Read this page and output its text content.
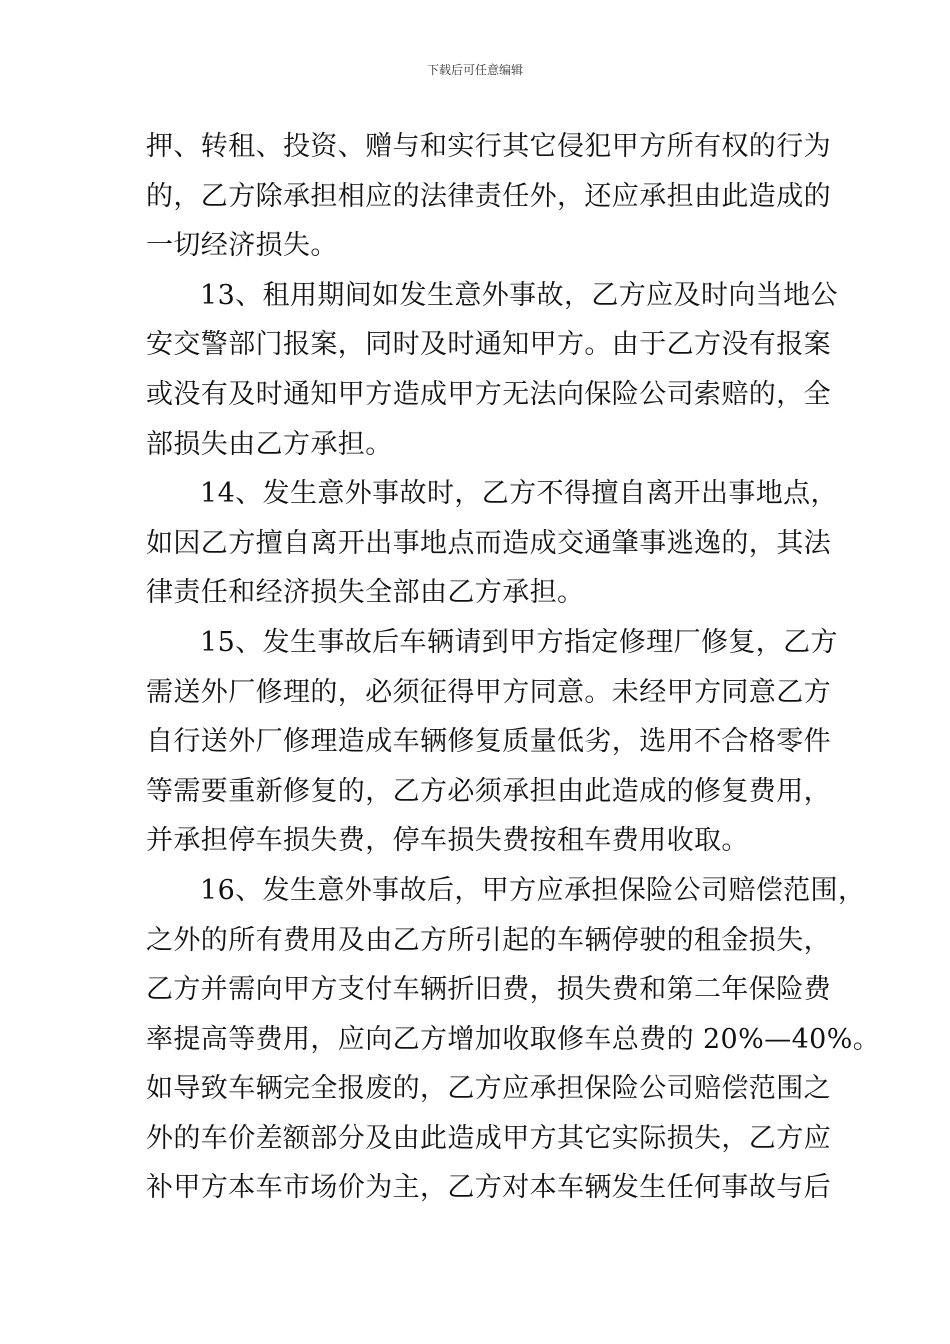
下载后可任意编辑
押、转租、投资、赠与和实行其它侵犯甲方所有权的行为
的，乙方除承担相应的法律责任外，还应承担由此造成的
一切经济损失。
13、租用期间如发生意外事故，乙方应及时向当地公
安交警部门报案，同时及时通知甲方。由于乙方没有报案
或没有及时通知甲方造成甲方无法向保险公司索赔的，全
部损失由乙方承担。
14、发生意外事故时，乙方不得擅自离开出事地点，
如因乙方擅自离开出事地点而造成交通肇事逃逸的，其法
律责任和经济损失全部由乙方承担。
15、发生事故后车辆请到甲方指定修理厂修复，乙方
需送外厂修理的，必须征得甲方同意。未经甲方同意乙方
自行送外厂修理造成车辆修复质量低劣，选用不合格零件
等需要重新修复的，乙方必须承担由此造成的修复费用，
并承担停车损失费，停车损失费按租车费用收取。
16、发生意外事故后，甲方应承担保险公司赔偿范围，
之外的所有费用及由乙方所引起的车辆停驶的租金损失，
乙方并需向甲方支付车辆折旧费，损失费和第二年保险费
率提高等费用，应向乙方增加收取修车总费的 20%—40%。
如导致车辆完全报废的，乙方应承担保险公司赔偿范围之
外的车价差额部分及由此造成甲方其它实际损失，乙方应
补甲方本车市场价为主，乙方对本车辆发生任何事故与后
